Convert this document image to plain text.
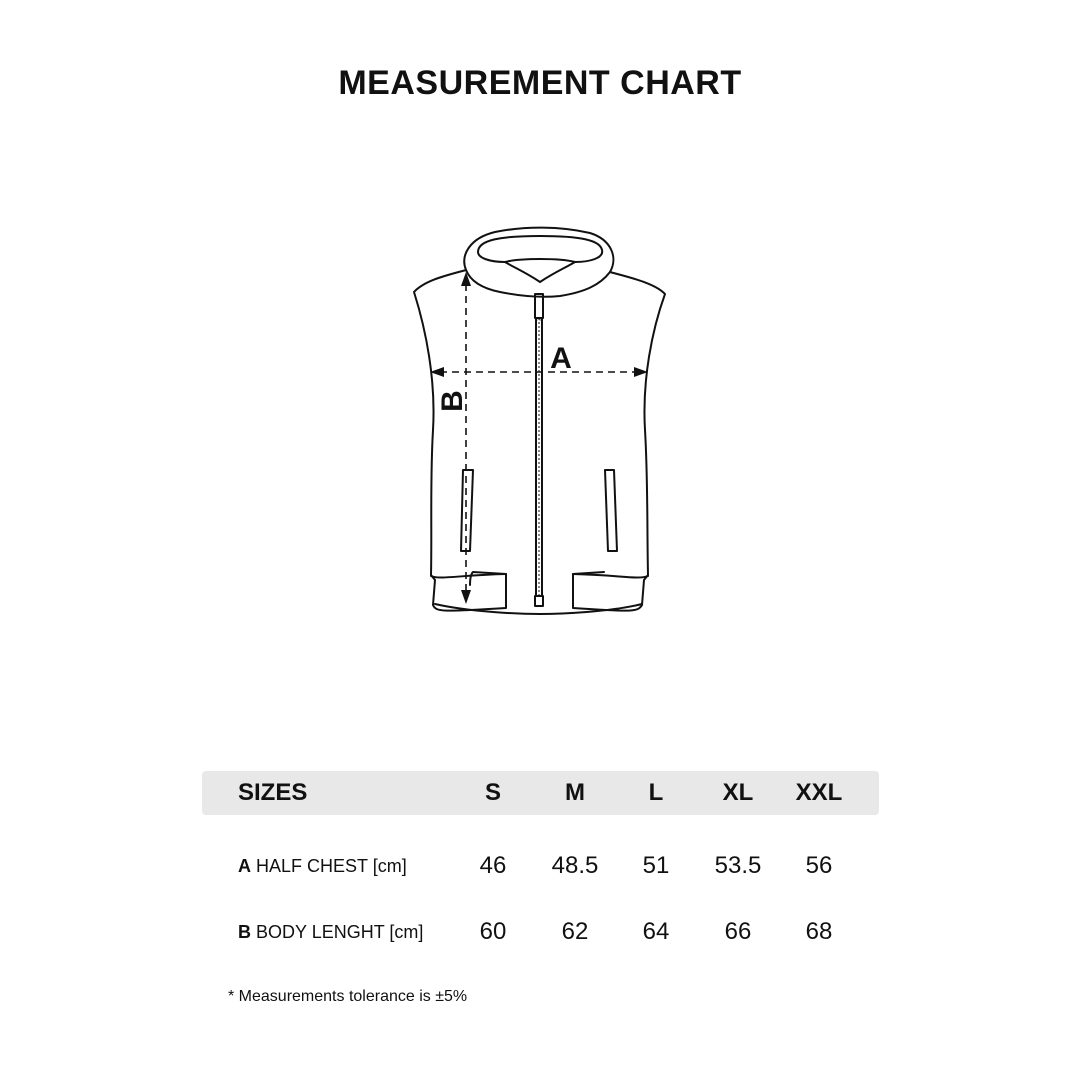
MEASUREMENT CHART
A
B
SIZES	S	M	L	XL	XXL
A HALF CHEST [cm]	46	48.5	51	53.5	56
B BODY LENGHT [cm]	60	62	64	66	68
* Measurements tolerance is ±5%
